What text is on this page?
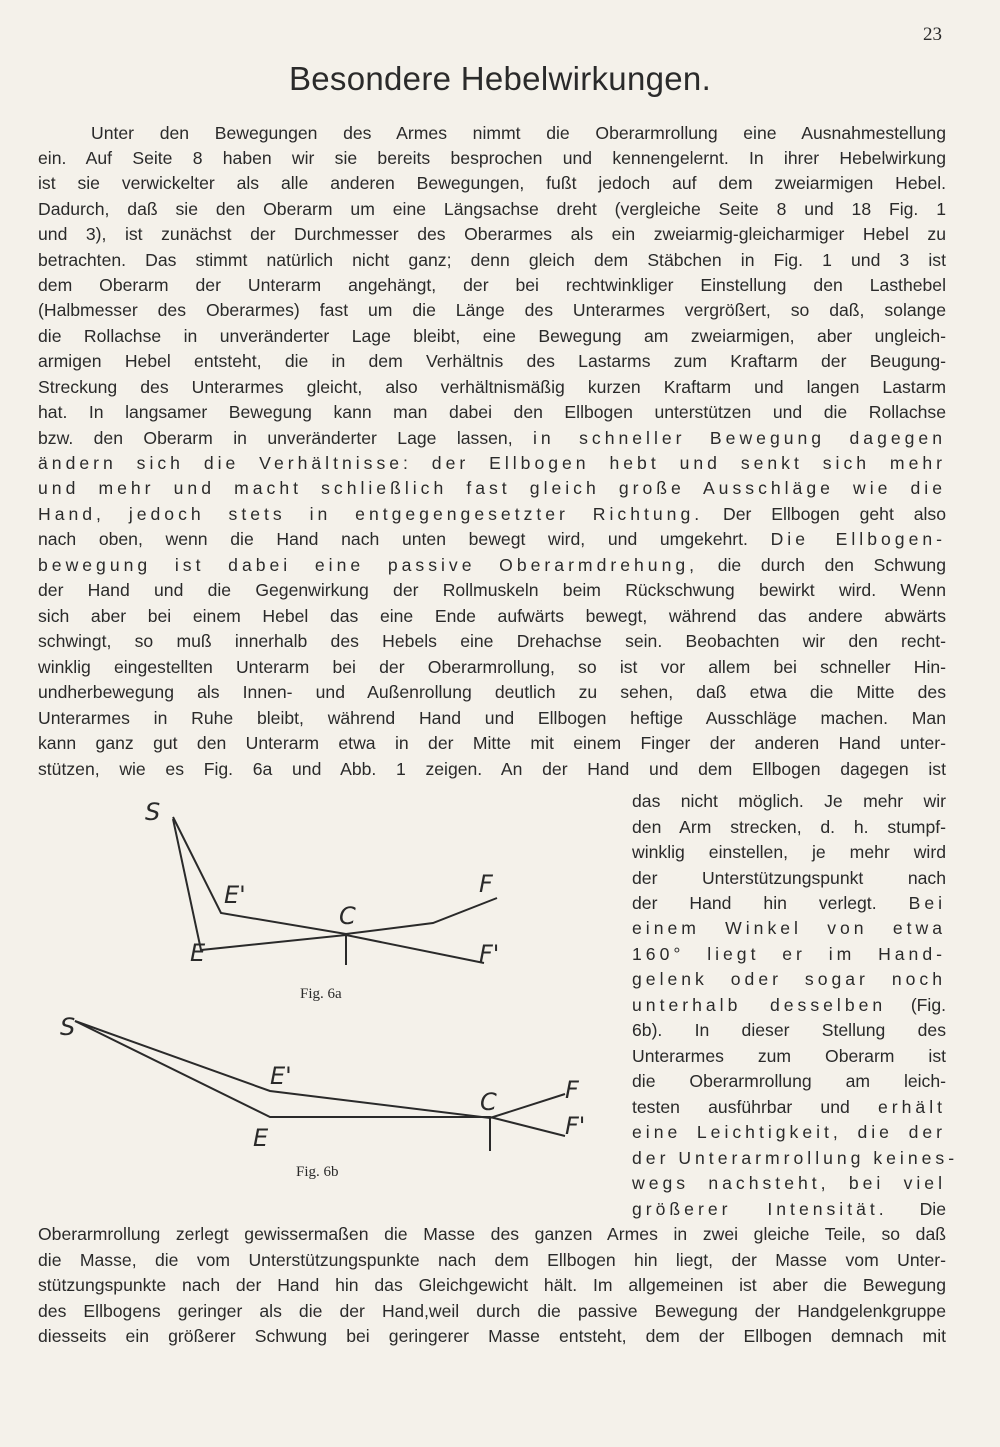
23
Besondere Hebelwirkungen.
Unter den Bewegungen des Armes nimmt die Oberarmrollung eine Ausnahmestellung
ein. Auf Seite 8 haben wir sie bereits besprochen und kennengelernt. In ihrer Hebelwirkung
ist sie verwickelter als alle anderen Bewegungen, fußt jedoch auf dem zweiarmigen Hebel.
Dadurch, daß sie den Oberarm um eine Längsachse dreht (vergleiche Seite 8 und 18 Fig. 1
und 3), ist zunächst der Durchmesser des Oberarmes als ein zweiarmig-gleicharmiger Hebel zu
betrachten. Das stimmt natürlich nicht ganz; denn gleich dem Stäbchen in Fig. 1 und 3 ist
dem Oberarm der Unterarm angehängt, der bei rechtwinkliger Einstellung den Lasthebel
(Halbmesser des Oberarmes) fast um die Länge des Unterarmes vergrößert, so daß, solange
die Rollachse in unveränderter Lage bleibt, eine Bewegung am zweiarmigen, aber ungleich-
armigen Hebel entsteht, die in dem Verhältnis des Lastarms zum Kraftarm der Beugung-
Streckung des Unterarmes gleicht, also verhältnismäßig kurzen Kraftarm und langen Lastarm
hat. In langsamer Bewegung kann man dabei den Ellbogen unterstützen und die Rollachse
bzw. den Oberarm in unveränderter Lage lassen, in schneller Bewegung dagegen
ändern sich die Verhältnisse: der Ellbogen hebt und senkt sich mehr
und mehr und macht schließlich fast gleich große Ausschläge wie die
Hand, jedoch stets in entgegengesetzter Richtung. Der Ellbogen geht also
nach oben, wenn die Hand nach unten bewegt wird, und umgekehrt. Die Ellbogen-
bewegung ist dabei eine passive Oberarmdrehung, die durch den Schwung
der Hand und die Gegenwirkung der Rollmuskeln beim Rückschwung bewirkt wird. Wenn
sich aber bei einem Hebel das eine Ende aufwärts bewegt, während das andere abwärts
schwingt, so muß innerhalb des Hebels eine Drehachse sein. Beobachten wir den recht-
winklig eingestellten Unterarm bei der Oberarmrollung, so ist vor allem bei schneller Hin-
undherbewegung als Innen- und Außenrollung deutlich zu sehen, daß etwa die Mitte des
Unterarmes in Ruhe bleibt, während Hand und Ellbogen heftige Ausschläge machen. Man
kann ganz gut den Unterarm etwa in der Mitte mit einem Finger der anderen Hand unter-
stützen, wie es Fig. 6a und Abb. 1 zeigen. An der Hand und dem Ellbogen dagegen ist
das nicht möglich. Je mehr wir
den Arm strecken, d. h. stumpf-
winklig einstellen, je mehr wird
der Unterstützungspunkt nach
der Hand hin verlegt. Bei
einem Winkel von etwa
160° liegt er im Hand-
gelenk oder sogar noch
unterhalb desselben (Fig.
6b). In dieser Stellung des
Unterarmes zum Oberarm ist
die Oberarmrollung am leich-
testen ausführbar und erhält
eine Leichtigkeit, die der
der Unterarmrollung keines-
wegs nachsteht, bei viel
größerer Intensität. Die
S
E'
C
F
E	F'
Fig. 6a
S
E'
C	F
E	F'
Fig. 6b
Oberarmrollung zerlegt gewissermaßen die Masse des ganzen Armes in zwei gleiche Teile, so daß
die Masse, die vom Unterstützungspunkte nach dem Ellbogen hin liegt, der Masse vom Unter-
stützungspunkte nach der Hand hin das Gleichgewicht hält. Im allgemeinen ist aber die Bewegung
des Ellbogens geringer als die der Hand,weil durch die passive Bewegung der Handgelenkgruppe
diesseits ein größerer Schwung bei geringerer Masse entsteht, dem der Ellbogen demnach mit
